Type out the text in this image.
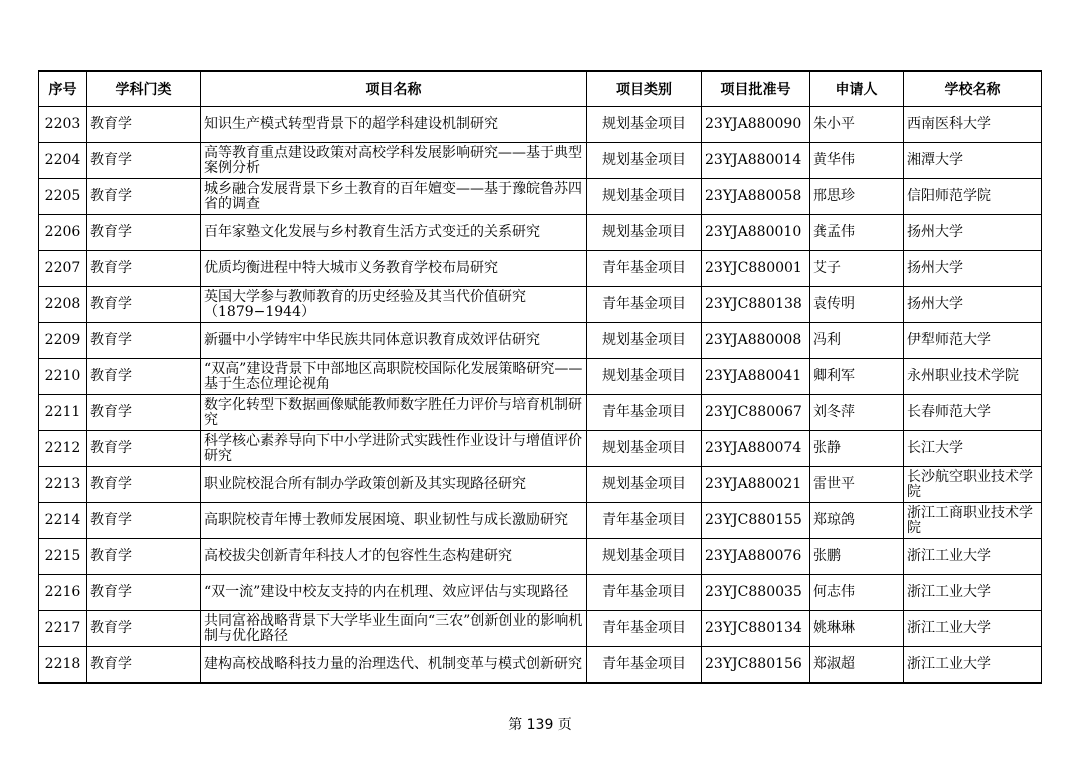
序号	学科门类	项目名称	项目类别	项目批准号	申请人	学校名称
2203	教育学	知识生产模式转型背景下的超学科建设机制研究	规划基金项目	23YJA880090	朱小平	西南医科大学
2204	教育学	高等教育重点建设政策对高校学科发展影响研究——基于典型案例分析	规划基金项目	23YJA880014	黄华伟	湘潭大学
2205	教育学	城乡融合发展背景下乡土教育的百年嬗变——基于豫皖鲁苏四省的调查	规划基金项目	23YJA880058	邢思珍	信阳师范学院
2206	教育学	百年家塾文化发展与乡村教育生活方式变迁的关系研究	规划基金项目	23YJA880010	龚孟伟	扬州大学
2207	教育学	优质均衡进程中特大城市义务教育学校布局研究	青年基金项目	23YJC880001	艾子	扬州大学
2208	教育学	英国大学参与教师教育的历史经验及其当代价值研究（1879−1944）	青年基金项目	23YJC880138	袁传明	扬州大学
2209	教育学	新疆中小学铸牢中华民族共同体意识教育成效评估研究	规划基金项目	23YJA880008	冯利	伊犁师范大学
2210	教育学	“双高”建设背景下中部地区高职院校国际化发展策略研究——基于生态位理论视角	规划基金项目	23YJA880041	卿利军	永州职业技术学院
2211	教育学	数字化转型下数据画像赋能教师数字胜任力评价与培育机制研究	青年基金项目	23YJC880067	刘冬萍	长春师范大学
2212	教育学	科学核心素养导向下中小学进阶式实践性作业设计与增值评价研究	规划基金项目	23YJA880074	张静	长江大学
2213	教育学	职业院校混合所有制办学政策创新及其实现路径研究	规划基金项目	23YJA880021	雷世平	长沙航空职业技术学院
2214	教育学	高职院校青年博士教师发展困境、职业韧性与成长激励研究	青年基金项目	23YJC880155	郑琼鸽	浙江工商职业技术学院
2215	教育学	高校拔尖创新青年科技人才的包容性生态构建研究	规划基金项目	23YJA880076	张鹏	浙江工业大学
2216	教育学	“双一流”建设中校友支持的内在机理、效应评估与实现路径	青年基金项目	23YJC880035	何志伟	浙江工业大学
2217	教育学	共同富裕战略背景下大学毕业生面向“三农”创新创业的影响机制与优化路径	青年基金项目	23YJC880134	姚琳琳	浙江工业大学
2218	教育学	建构高校战略科技力量的治理迭代、机制变革与模式创新研究	青年基金项目	23YJC880156	郑淑超	浙江工业大学
第 139 页
